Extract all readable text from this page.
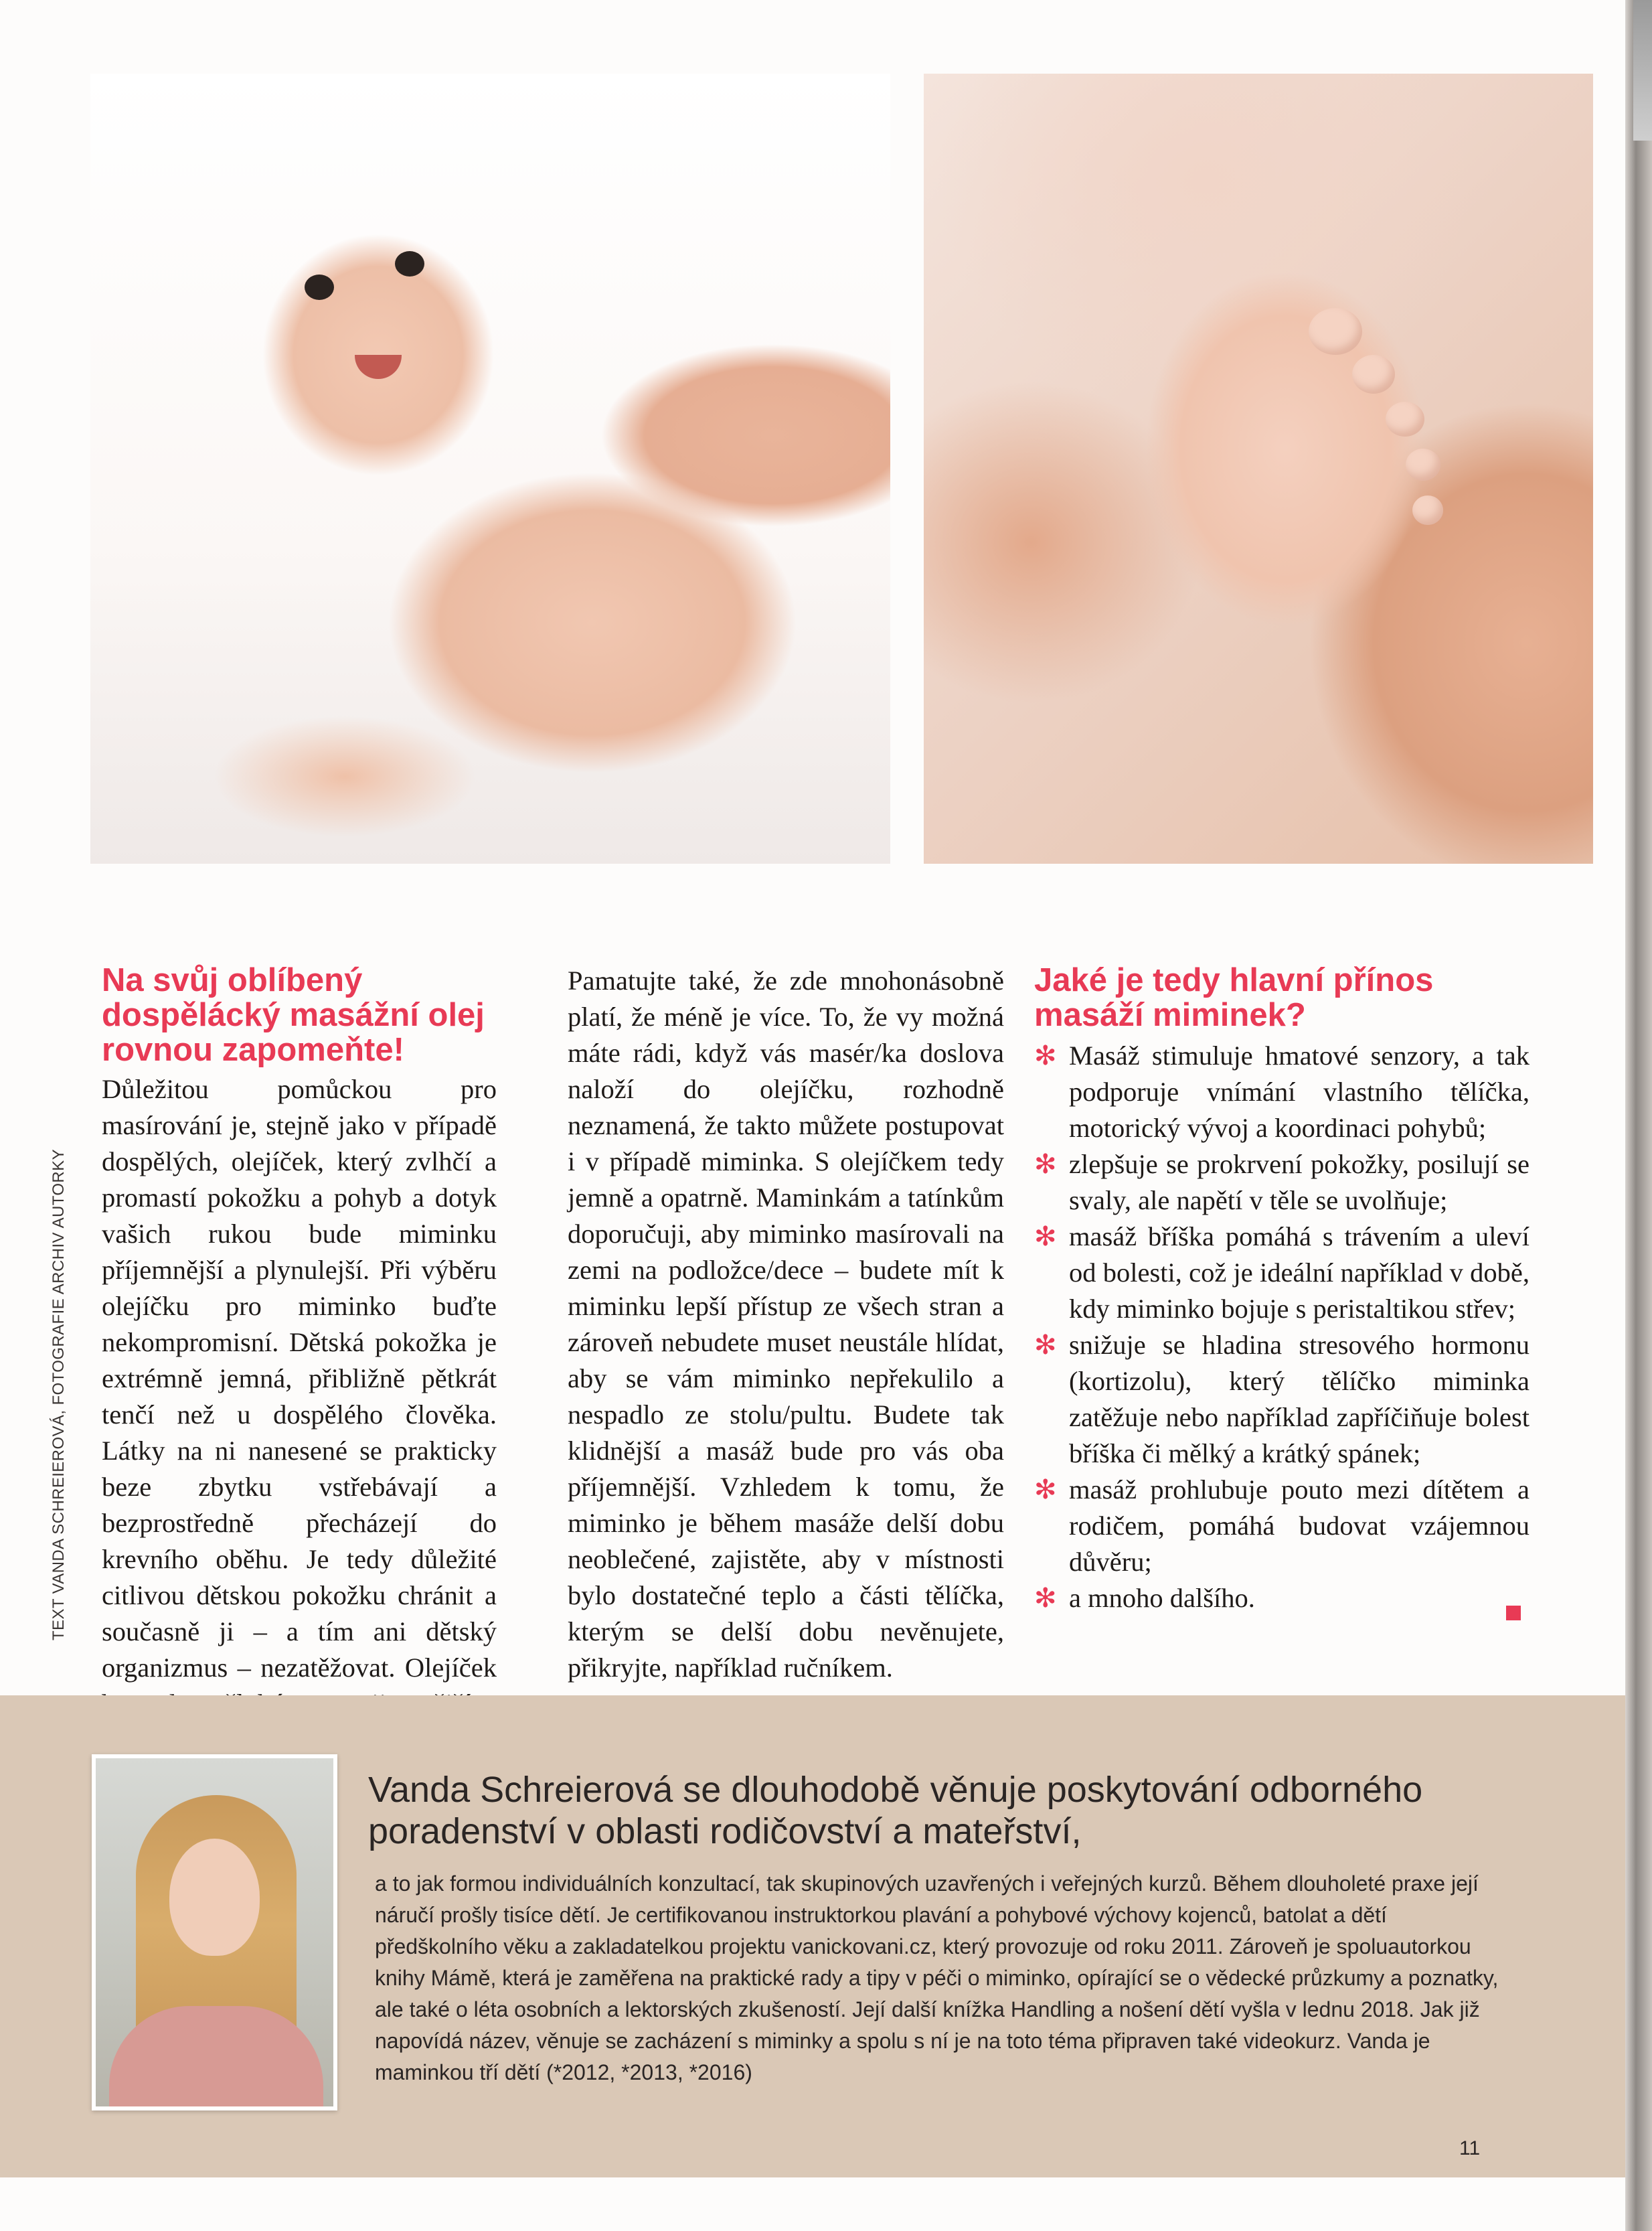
TEXT VANDA SCHREIEROVÁ, FOTOGRAFIE ARCHIV AUTORKY
Na svůj oblíbený dospělácký masážní olej rovnou zapomeňte!

Důležitou pomůckou pro masírování je, stejně jako v případě dospělých, olejíček, který zvlhčí a promastí pokožku a pohyb a dotyk vašich rukou bude miminku příjemnější a plynulejší. Při výběru olejíčku pro miminko buďte nekompromisní. Dětská pokožka je extrémně jemná, přibližně pětkrát tenčí než u dospělého člověka. Látky na ni nanesené se prakticky beze zbytku vstřebávají a bezprostředně přecházejí do krevního oběhu. Je tedy důležité citlivou dětskou pokožku chránit a současně ji – a tím ani dětský organizmus – nezatěžovat. Olejíček

Pamatujte také, že zde mnohonásobně platí, že méně je více. To, že vy možná máte rádi, když vás masér/ka doslova naloží do olejíčku, rozhodně neznamená, že takto můžete postupovat i v případě miminka. S olejíčkem tedy jemně a opatrně. Maminkám a tatínkům doporučuji, aby miminko masírovali na zemi na podložce/dece – budete mít k miminku lepší přístup ze všech stran a zároveň nebudete muset neustále hlídat, aby se vám miminko nepřekulilo a nespadlo ze stolu/pultu. Budete tak klidnější a masáž bude pro vás oba příjemnější. Vzhledem k tomu, že miminko je během masáže delší dobu neoblečené, zajistěte, aby v místnosti bylo dostatečné teplo a části tělíčka, kterým se delší dobu nevěnujete, přikryjte, například ručníkem.

Jaké je tedy hlavní přínos masáží miminek?
✻ Masáž stimuluje hmatové senzory, a tak podporuje vnímání vlastního tělíčka, motorický vývoj a koordinaci pohybů;
✻ zlepšuje se prokrvení pokožky, posilují se svaly, ale napětí v těle se uvolňuje;
✻ masáž bříška pomáhá s trávením a uleví od bolesti, což je ideální například v době, kdy miminko bojuje s peristaltikou střev;
✻ snižuje se hladina stresového hormonu (kortizolu), který tělíčko miminka zatěžuje nebo například zapříčiňuje bolest bříška či mělký a krátký spánek;
✻ masáž prohlubuje pouto mezi dítětem a rodičem, pomáhá budovat vzájemnou důvěru;
✻ a mnoho dalšího.
Vanda Schreierová se dlouhodobě věnuje poskytování odborného poradenství v oblasti rodičovství a mateřství,
a to jak formou individuálních konzultací, tak skupinových uzavřených i veřejných kurzů. Během dlouholeté praxe její náručí prošly tisíce dětí. Je certifikovanou instruktorkou plavání a pohybové výchovy kojenců, batolat a dětí předškolního věku a zakladatelkou projektu vanickovani.cz, který provozuje od roku 2011. Zároveň je spoluautorkou knihy Mámě, která je zaměřena na praktické rady a tipy v péči o miminko, opírající se o vědecké průzkumy a poznatky, ale také o léta osobních a lektorských zkušeností. Její další knížka Handling a nošení dětí vyšla v lednu 2018. Jak již napovídá název, věnuje se zacházení s miminky a spolu s ní je na toto téma připraven také videokurz. Vanda je maminkou tří dětí (*2012, *2013, *2016)
11
